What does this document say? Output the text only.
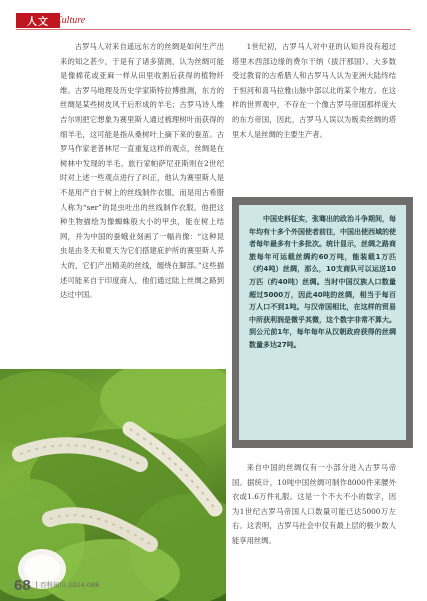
人文 Culture

古罗马人对来自遥远东方的丝绸是如何生产出来的知之甚少，于是有了诸多猜测，认为丝绸可能是像棉花或亚麻一样从田里收割后获得的植物纤维。古罗马地理及历史学家斯特拉博推测，东方的丝绸是某些树皮风干后形成的羊毛；古罗马诗人维吉尔则把它想象为赛里斯人通过梳理树叶而获得的细羊毛，这可能是指从桑树叶上摘下来的蚕茧。古罗马作家老普林尼一直重复这样的观点，丝绸是在树林中发现的羊毛。旅行家帕萨尼亚斯则在2世纪时对上述一些观点进行了纠正，他认为赛里斯人是不是用产自于树上的丝线制作衣服，而是用古希腊人称为“ser”的昆虫吐出的丝线制作衣服。他把这种生物描绘为像蜘蛛般大小的甲虫，能在树上结网，并为中国的蚕蛾业刻画了一幅肖像：“这种昆虫是由冬天和夏天为它们搭建庇护所的赛里斯人养大的，它们产出精美的丝线，缠绕在脚部。”这些描述可能来自于印度商人，他们通过陆上丝绸之路到达过中国。

1世纪初，古罗马人对中亚的认知并没有超过塔里木西部边缘的费尔干纳（拔汗那国）。大多数受过教育的古希腊人和古罗马人认为亚洲大陆终结于恒河和喜马拉雅山脉中部以北的某个地方。在这样的世界观中，不存在一个像古罗马帝国那样庞大的东方帝国，因此，古罗马人误以为贩卖丝绸的塔里木人是丝绸的主要生产者。

中国史料征实，张骞出的政治斗争期间，每年均有十多个外国使者前往，中国出使西域的使者每年最多有十多批次。统计显示，丝绸之路商旅每年可运载丝绸约60万吨，能装载1万匹（约4吨）丝绸，那么，10支商队可以运送10万匹（约40吨）丝绸。当时中国汉族人口数量超过5000万，因此40吨的丝绸，相当于每百万人口不到1吨。与汉帝国相比，在这样的贸易中所获利润是微乎其微，这个数字非常不算大。到公元前1年，每年每年从汉朝政府获得的丝绸数量多达27吨。

来自中国的丝绸仅有一小部分进入古罗马帝国。据统计，10吨中国丝绸可制作8000件来腰外衣或1.6万件礼服。这是一个不大不小的数字，因为1世纪古罗马帝国人口数量可能已达5000万左右。这表明，古罗马社会中仅有最上层的极少数人能享用丝绸。

68 百科知识 2024.08B
